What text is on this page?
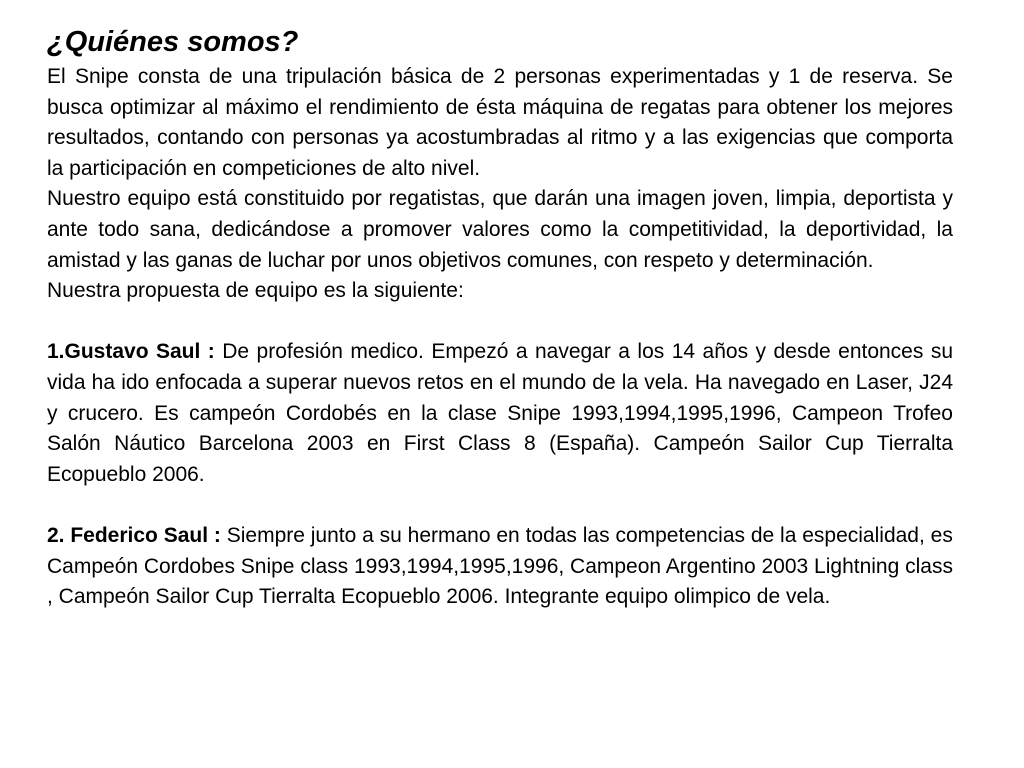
¿Quiénes somos?

El Snipe consta de una tripulación básica de 2 personas experimentadas y 1 de reserva. Se busca optimizar al máximo el rendimiento de ésta máquina de regatas para obtener los mejores resultados, contando con personas ya acostumbradas al ritmo y a las exigencias que comporta la participación en competiciones de alto nivel.

Nuestro equipo está constituido por regatistas, que darán una imagen joven, limpia, deportista y ante todo sana, dedicándose a promover valores como la competitividad, la deportividad, la amistad y las ganas de luchar por unos objetivos comunes, con respeto y determinación.

Nuestra propuesta de equipo es la siguiente:

1.Gustavo Saul : De profesión medico. Empezó a navegar a los 14 años y desde entonces su vida ha ido enfocada a superar nuevos retos en el mundo de la vela. Ha navegado en Laser, J24 y crucero. Es campeón Cordobés en la clase Snipe 1993,1994,1995,1996, Campeon Trofeo Salón Náutico Barcelona 2003 en First Class 8 (España). Campeón Sailor Cup Tierralta Ecopueblo 2006.

2. Federico Saul : Siempre junto a su hermano en todas las competencias de la especialidad, es Campeón Cordobes Snipe class 1993,1994,1995,1996, Campeon Argentino 2003 Lightning class , Campeón Sailor Cup Tierralta Ecopueblo 2006. Integrante equipo olimpico de vela.
